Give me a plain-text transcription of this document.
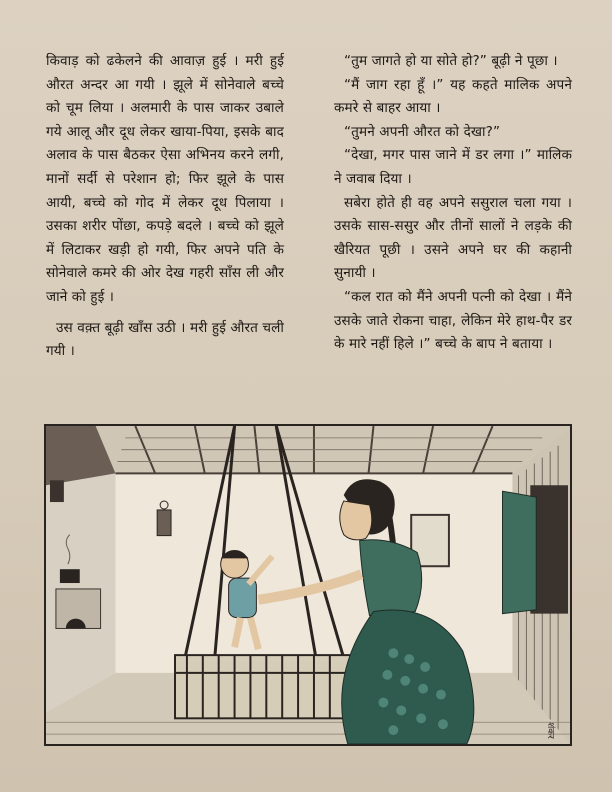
किवाड़ को ढकेलने की आवाज़ हुई । मरी हुई औरत अन्दर आ गयी । झूले में सोनेवाले बच्चे को चूम लिया । अलमारी के पास जाकर उबाले गये आलू और दूध लेकर खाया-पिया, इसके बाद अलाव के पास बैठकर ऐसा अभिनय करने लगी, मानों सर्दी से परेशान हो; फिर झूले के पास आयी, बच्चे को गोद में लेकर दूध पिलाया । उसका शरीर पोंछा, कपड़े बदले । बच्चे को झूले में लिटाकर खड़ी हो गयी, फिर अपने पति के सोनेवाले कमरे की ओर देख गहरी साँस ली और जाने को हुई ।

उस वक़्त बूढ़ी खाँस उठी । मरी हुई औरत चली गयी ।

“तुम जागते हो या सोते हो?” बूढ़ी ने पूछा ।

“मैं जाग रहा हूँ ।” यह कहते मालिक अपने कमरे से बाहर आया ।

“तुमने अपनी औरत को देखा?”

“देखा, मगर पास जाने में डर लगा ।” मालिक ने जवाब दिया ।

सबेरा होते ही वह अपने ससुराल चला गया । उसके सास-ससुर और तीनों सालों ने लड़के की खैरियत पूछी । उसने अपने घर की कहानी सुनायी ।

“कल रात को मैंने अपनी पत्नी को देखा । मैंने उसके जाते रोकना चाहा, लेकिन मेरे हाथ-पैर डर के मारे नहीं हिले ।” बच्चे के बाप ने बताया ।

शंकर
